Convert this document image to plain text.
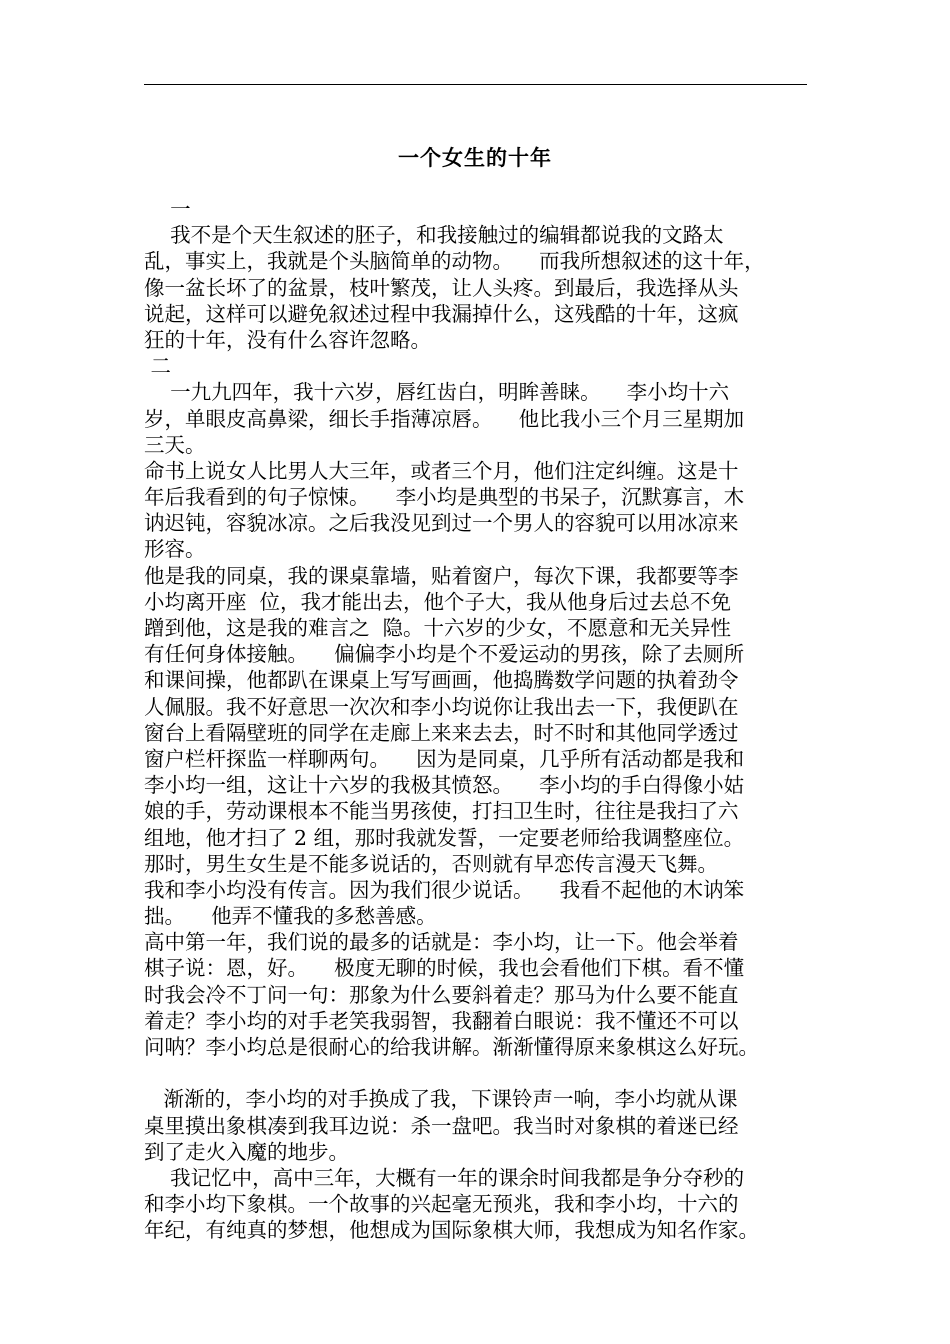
一个女生的十年
一
我不是个天生叙述的胚子，和我接触过的编辑都说我的文路太
乱，事实上，我就是个头脑简单的动物。    而我所想叙述的这十年，
像一盆长坏了的盆景，枝叶繁茂，让人头疼。到最后，我选择从头
说起，这样可以避免叙述过程中我漏掉什么，这残酷的十年，这疯
狂的十年，没有什么容许忽略。
二
一九九四年，我十六岁，唇红齿白，明眸善睐。    李小均十六
岁，单眼皮高鼻梁，细长手指薄凉唇。    他比我小三个月三星期加
三天。
命书上说女人比男人大三年，或者三个月，他们注定纠缠。这是十
年后我看到的句子惊悚。    李小均是典型的书呆子，沉默寡言，木
讷迟钝，容貌冰凉。之后我没见到过一个男人的容貌可以用冰凉来
形容。
他是我的同桌，我的课桌靠墙，贴着窗户，每次下课，我都要等李
小均离开座  位，我才能出去，他个子大，我从他身后过去总不免
蹭到他，这是我的难言之  隐。十六岁的少女，不愿意和无关异性
有任何身体接触。    偏偏李小均是个不爱运动的男孩，除了去厕所
和课间操，他都趴在课桌上写写画画，他捣腾数学问题的执着劲令
人佩服。我不好意思一次次和李小均说你让我出去一下，我便趴在
窗台上看隔壁班的同学在走廊上来来去去，时不时和其他同学透过
窗户栏杆探监一样聊两句。    因为是同桌，几乎所有活动都是我和
李小均一组，这让十六岁的我极其愤怒。    李小均的手白得像小姑
娘的手，劳动课根本不能当男孩使，打扫卫生时，往往是我扫了六
组地，他才扫了 2 组，那时我就发誓，一定要老师给我调整座位。
那时，男生女生是不能多说话的，否则就有早恋传言漫天飞舞。
我和李小均没有传言。因为我们很少说话。    我看不起他的木讷笨
拙。    他弄不懂我的多愁善感。
高中第一年，我们说的最多的话就是：李小均，让一下。他会举着
棋子说：恩，好。    极度无聊的时候，我也会看他们下棋。看不懂
时我会冷不丁问一句：那象为什么要斜着走？那马为什么要不能直
着走？李小均的对手老笑我弱智，我翻着白眼说：我不懂还不可以
问呐？李小均总是很耐心的给我讲解。渐渐懂得原来象棋这么好玩。
渐渐的，李小均的对手换成了我，下课铃声一响，李小均就从课
桌里摸出象棋凑到我耳边说：杀一盘吧。我当时对象棋的着迷已经
到了走火入魔的地步。
我记忆中，高中三年，大概有一年的课余时间我都是争分夺秒的
和李小均下象棋。一个故事的兴起毫无预兆，我和李小均，十六的
年纪，有纯真的梦想，他想成为国际象棋大师，我想成为知名作家。
